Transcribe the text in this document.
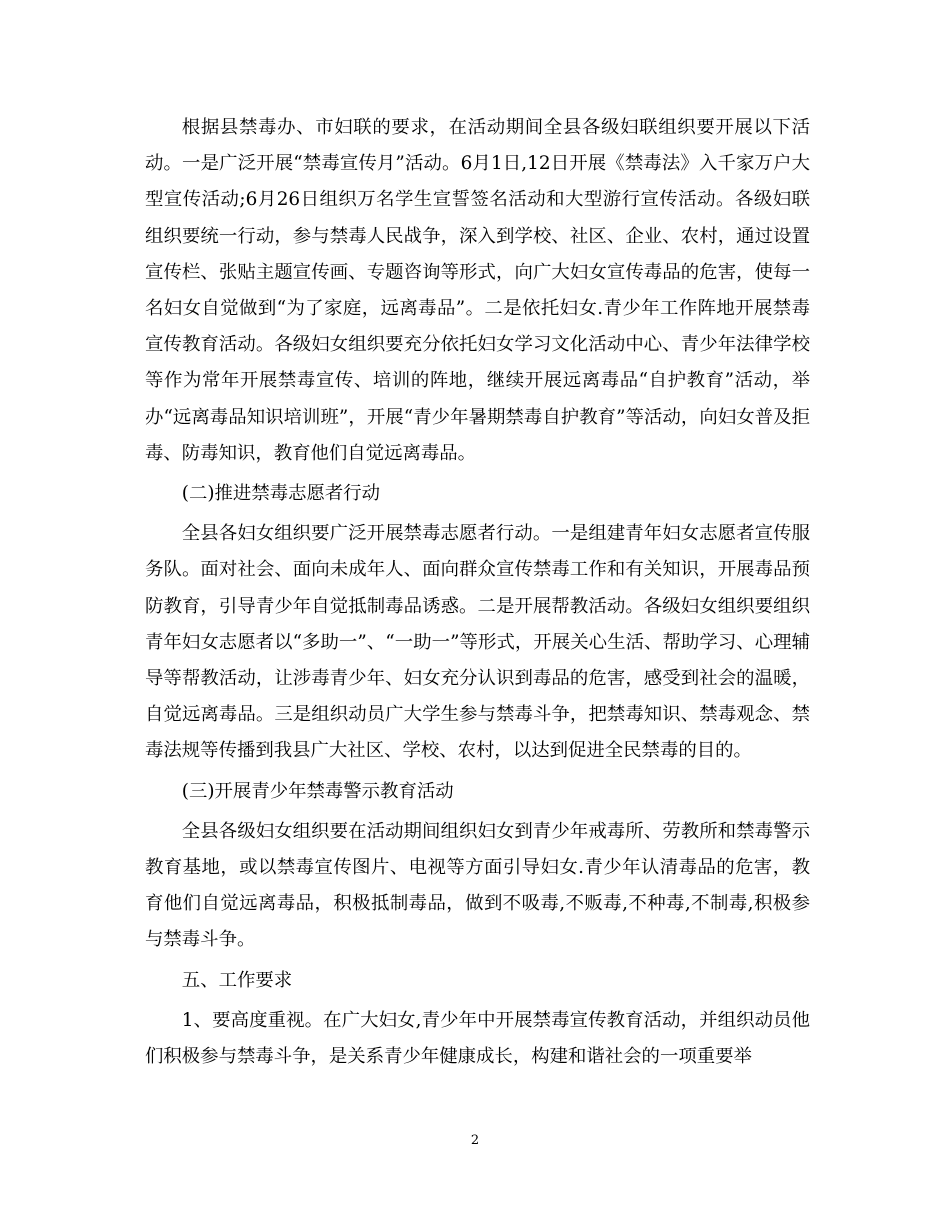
根据县禁毒办、市妇联的要求，在活动期间全县各级妇联组织要开展以下活动。一是广泛开展“禁毒宣传月”活动。6月1日,12日开展《禁毒法》入千家万户大型宣传活动;6月26日组织万名学生宣誓签名活动和大型游行宣传活动。各级妇联组织要统一行动，参与禁毒人民战争，深入到学校、社区、企业、农村，通过设置宣传栏、张贴主题宣传画、专题咨询等形式，向广大妇女宣传毒品的危害，使每一名妇女自觉做到“为了家庭，远离毒品”。二是依托妇女.青少年工作阵地开展禁毒宣传教育活动。各级妇女组织要充分依托妇女学习文化活动中心、青少年法律学校等作为常年开展禁毒宣传、培训的阵地，继续开展远离毒品“自护教育”活动，举办“远离毒品知识培训班”，开展“青少年暑期禁毒自护教育”等活动，向妇女普及拒毒、防毒知识，教育他们自觉远离毒品。

(二)推进禁毒志愿者行动

全县各妇女组织要广泛开展禁毒志愿者行动。一是组建青年妇女志愿者宣传服务队。面对社会、面向未成年人、面向群众宣传禁毒工作和有关知识，开展毒品预防教育，引导青少年自觉抵制毒品诱惑。二是开展帮教活动。各级妇女组织要组织青年妇女志愿者以“多助一”、“一助一”等形式，开展关心生活、帮助学习、心理辅导等帮教活动，让涉毒青少年、妇女充分认识到毒品的危害，感受到社会的温暖，自觉远离毒品。三是组织动员广大学生参与禁毒斗争，把禁毒知识、禁毒观念、禁毒法规等传播到我县广大社区、学校、农村，以达到促进全民禁毒的目的。

(三)开展青少年禁毒警示教育活动

全县各级妇女组织要在活动期间组织妇女到青少年戒毒所、劳教所和禁毒警示教育基地，或以禁毒宣传图片、电视等方面引导妇女.青少年认清毒品的危害，教育他们自觉远离毒品，积极抵制毒品，做到不吸毒,不贩毒,不种毒,不制毒,积极参与禁毒斗争。

五、工作要求

1、要高度重视。在广大妇女,青少年中开展禁毒宣传教育活动，并组织动员他们积极参与禁毒斗争，是关系青少年健康成长，构建和谐社会的一项重要举

2
